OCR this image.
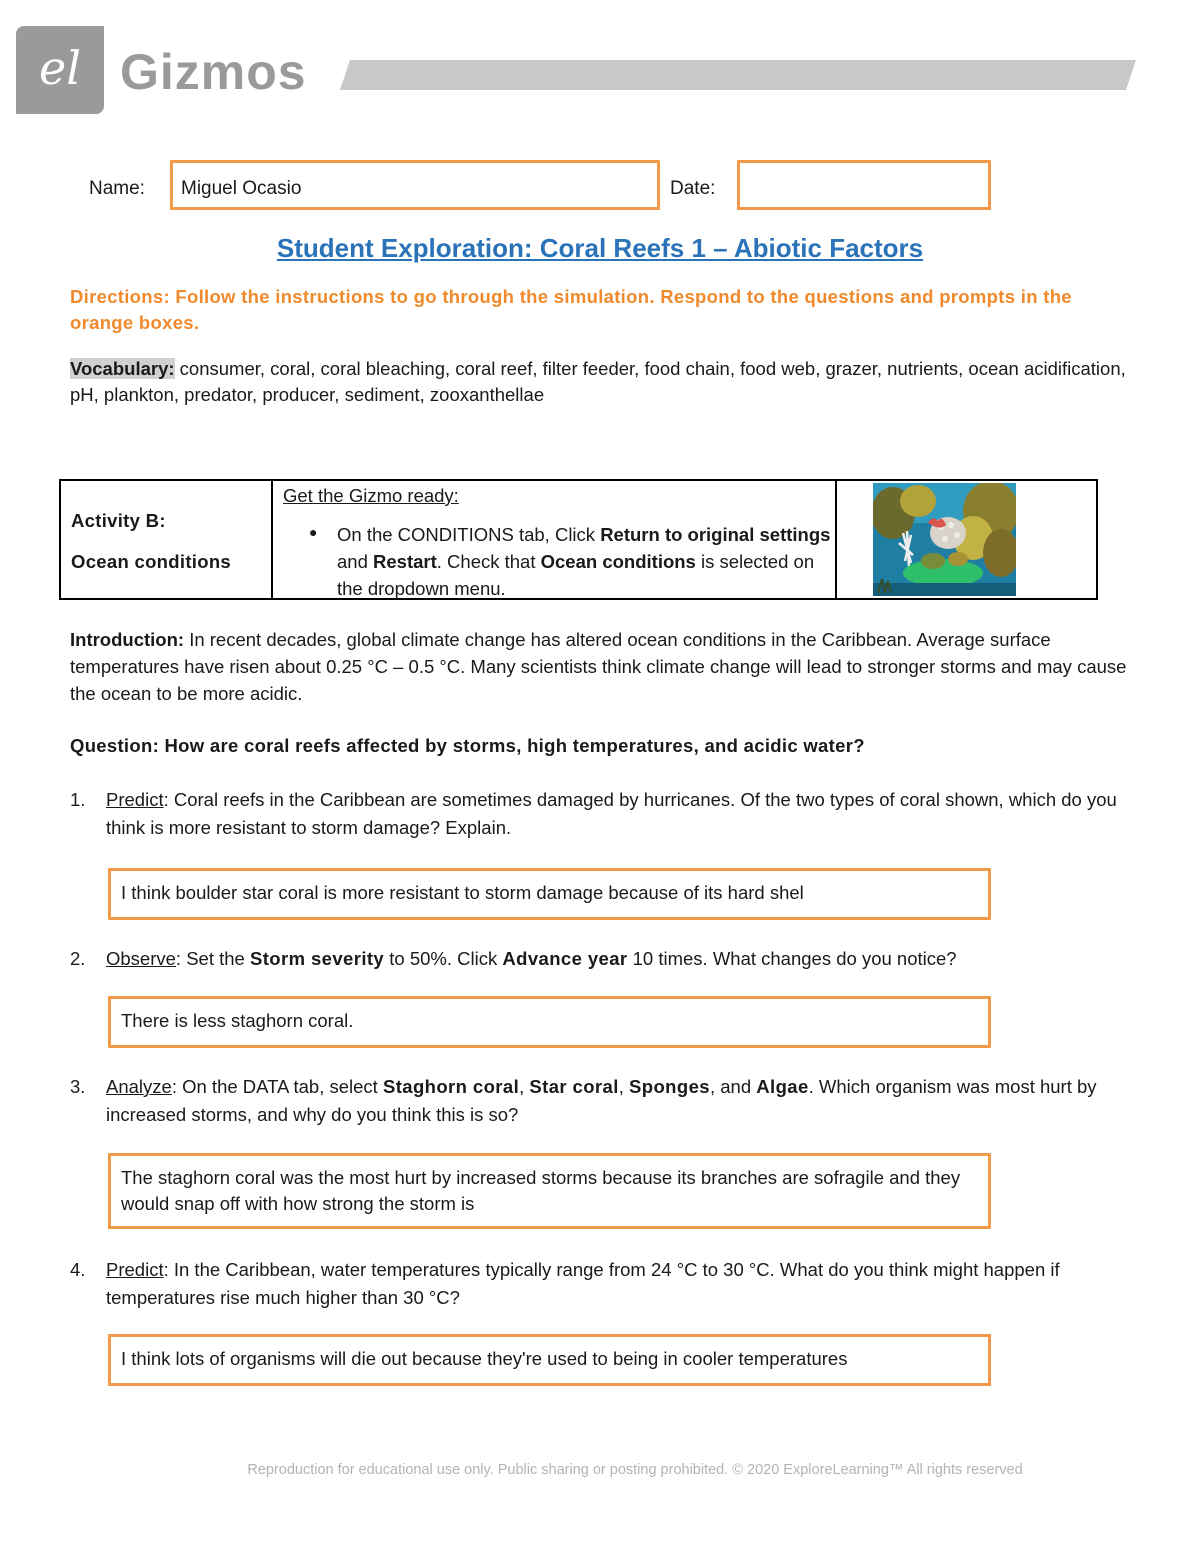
el Gizmos
Name: Miguel Ocasio	Date:
Student Exploration: Coral Reefs 1 – Abiotic Factors
Directions: Follow the instructions to go through the simulation. Respond to the questions and prompts in the orange boxes.
Vocabulary: consumer, coral, coral bleaching, coral reef, filter feeder, food chain, food web, grazer, nutrients, ocean acidification, pH, plankton, predator, producer, sediment, zooxanthellae
Activity B:
Ocean conditions
Get the Gizmo ready:
● On the CONDITIONS tab, Click Return to original settings and Restart. Check that Ocean conditions is selected on the dropdown menu.
Introduction: In recent decades, global climate change has altered ocean conditions in the Caribbean. Average surface temperatures have risen about 0.25 °C – 0.5 °C. Many scientists think climate change will lead to stronger storms and may cause the ocean to be more acidic.
Question: How are coral reefs affected by storms, high temperatures, and acidic water?
1. Predict: Coral reefs in the Caribbean are sometimes damaged by hurricanes. Of the two types of coral shown, which do you think is more resistant to storm damage? Explain.
I think boulder star coral is more resistant to storm damage because of its hard shel
2. Observe: Set the Storm severity to 50%. Click Advance year 10 times. What changes do you notice?
There is less staghorn coral.
3. Analyze: On the DATA tab, select Staghorn coral, Star coral, Sponges, and Algae. Which organism was most hurt by increased storms, and why do you think this is so?
The staghorn coral was the most hurt by increased storms because its branches are sofragile and they would snap off with how strong the storm is
4. Predict: In the Caribbean, water temperatures typically range from 24 °C to 30 °C. What do you think might happen if temperatures rise much higher than 30 °C?
I think lots of organisms will die out because they're used to being in cooler temperatures
Reproduction for educational use only. Public sharing or posting prohibited. © 2020 ExploreLearning™ All rights reserved
